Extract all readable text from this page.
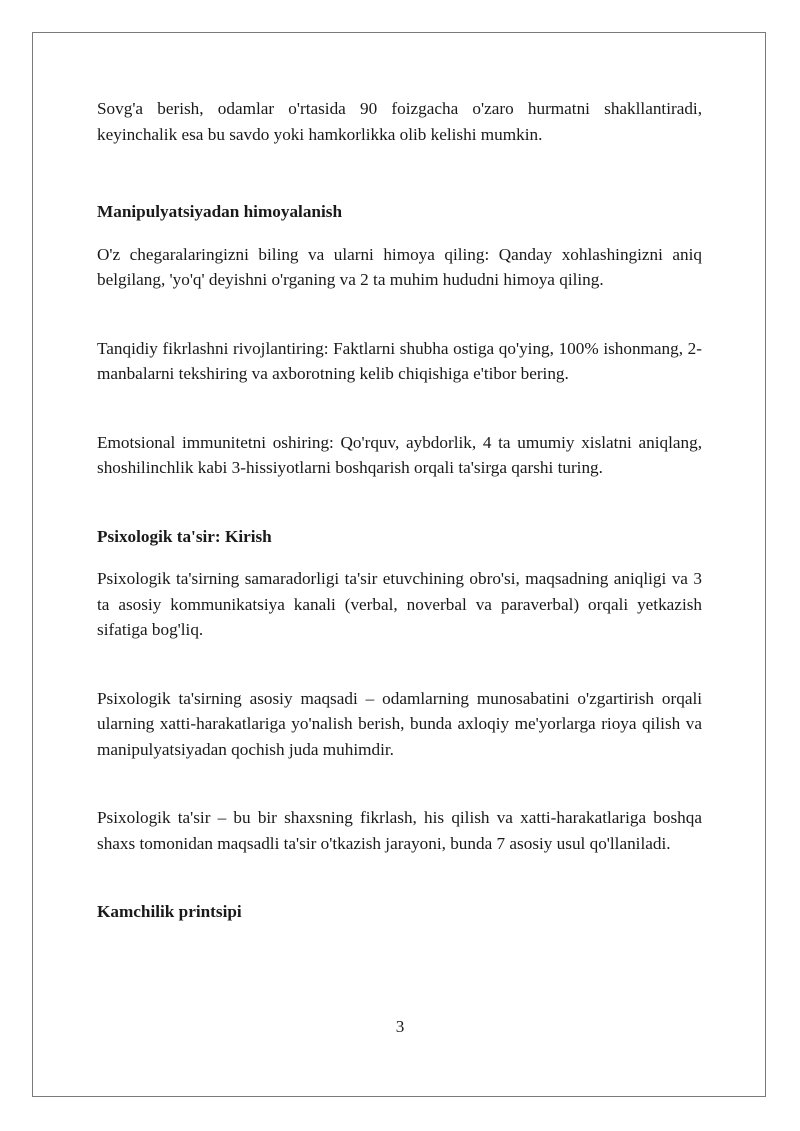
Sovg'a berish, odamlar o'rtasida 90 foizgacha o'zaro hurmatni shakllantiradi, keyinchalik esa bu savdo yoki hamkorlikka olib kelishi mumkin.

Manipulyatsiyadan himoyalanish

O'z chegaralaringizni biling va ularni himoya qiling: Qanday xohlashingizni aniq belgilang, 'yo'q' deyishni o'rganing va 2 ta muhim hududni himoya qiling.

Tanqidiy fikrlashni rivojlantiring: Faktlarni shubha ostiga qo'ying, 100% ishonmang, 2-manbalarni tekshiring va axborotning kelib chiqishiga e'tibor bering.

Emotsional immunitetni oshiring: Qo'rquv, aybdorlik, 4 ta umumiy xislatni aniqlang, shoshilinchlik kabi 3-hissiyotlarni boshqarish orqali ta'sirga qarshi turing.

Psixologik ta'sir: Kirish

Psixologik ta'sirning samaradorligi ta'sir etuvchining obro'si, maqsadning aniqligi va 3 ta asosiy kommunikatsiya kanali (verbal, noverbal va paraverbal) orqali yetkazish sifatiga bog'liq.

Psixologik ta'sirning asosiy maqsadi – odamlarning munosabatini o'zgartirish orqali ularning xatti-harakatlariga yo'nalish berish, bunda axloqiy me'yorlarga rioya qilish va manipulyatsiyadan qochish juda muhimdir.

Psixologik ta'sir – bu bir shaxsning fikrlash, his qilish va xatti-harakatlariga boshqa shaxs tomonidan maqsadli ta'sir o'tkazish jarayoni, bunda 7 asosiy usul qo'llaniladi.

Kamchilik printsipi

3
